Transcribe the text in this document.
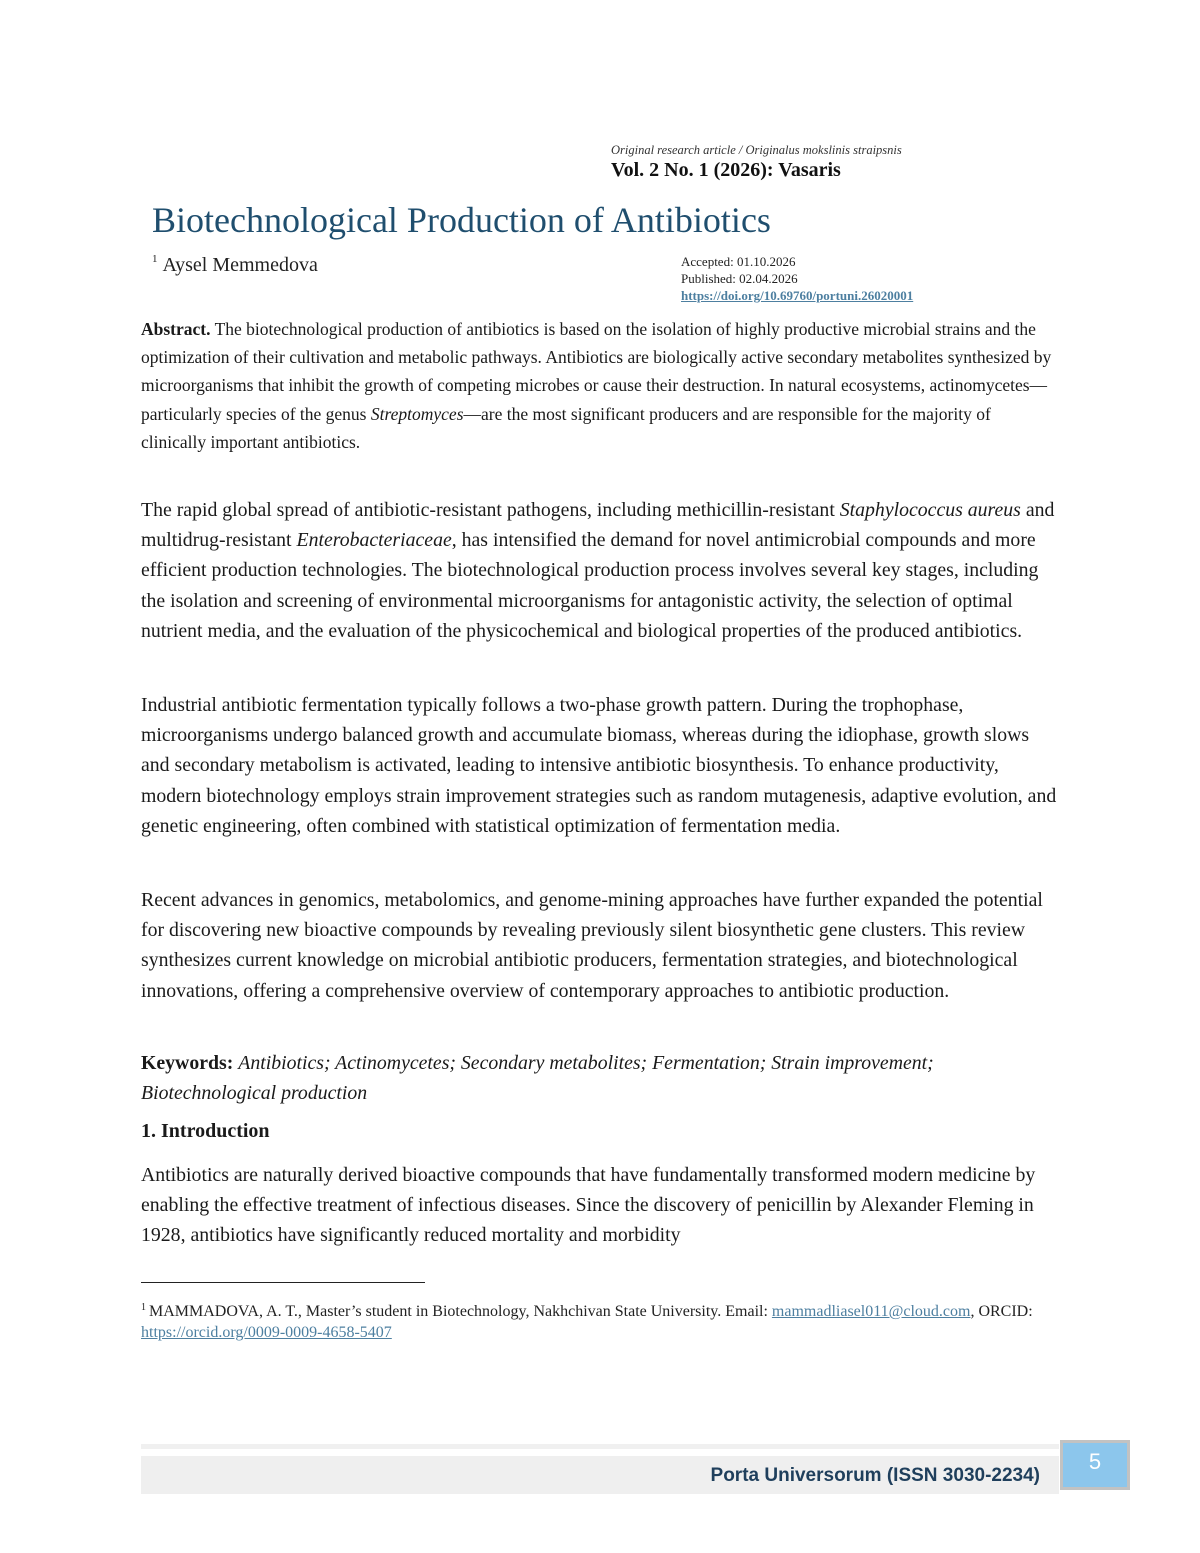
Original research article / Originalus mokslinis straipsnis
Vol. 2 No. 1 (2026): Vasaris
Biotechnological Production of Antibiotics
$^1$ Aysel Memmedova	Accepted: 01.10.2026
Published: 02.04.2026
https://doi.org/10.69760/portuni.26020001

Abstract. The biotechnological production of antibiotics is based on the isolation of highly productive microbial strains and the optimization of their cultivation and metabolic pathways. Antibiotics are biologically active secondary metabolites synthesized by microorganisms that inhibit the growth of competing microbes or cause their destruction. In natural ecosystems, actinomycetes—particularly species of the genus Streptomyces—are the most significant producers and are responsible for the majority of clinically important antibiotics.

The rapid global spread of antibiotic-resistant pathogens, including methicillin-resistant Staphylococcus aureus and multidrug-resistant Enterobacteriaceae, has intensified the demand for novel antimicrobial compounds and more efficient production technologies. The biotechnological production process involves several key stages, including the isolation and screening of environmental microorganisms for antagonistic activity, the selection of optimal nutrient media, and the evaluation of the physicochemical and biological properties of the produced antibiotics.

Industrial antibiotic fermentation typically follows a two-phase growth pattern. During the trophophase, microorganisms undergo balanced growth and accumulate biomass, whereas during the idiophase, growth slows and secondary metabolism is activated, leading to intensive antibiotic biosynthesis. To enhance productivity, modern biotechnology employs strain improvement strategies such as random mutagenesis, adaptive evolution, and genetic engineering, often combined with statistical optimization of fermentation media.

Recent advances in genomics, metabolomics, and genome-mining approaches have further expanded the potential for discovering new bioactive compounds by revealing previously silent biosynthetic gene clusters. This review synthesizes current knowledge on microbial antibiotic producers, fermentation strategies, and biotechnological innovations, offering a comprehensive overview of contemporary approaches to antibiotic production.

Keywords: Antibiotics; Actinomycetes; Secondary metabolites; Fermentation; Strain improvement; Biotechnological production
1. Introduction

Antibiotics are naturally derived bioactive compounds that have fundamentally transformed modern medicine by enabling the effective treatment of infectious diseases. Since the discovery of penicillin by Alexander Fleming in 1928, antibiotics have significantly reduced mortality and morbidity

$^1$ MAMMADOVA, A. T., Master’s student in Biotechnology, Nakhchivan State University. Email: mammadliasel011@cloud.com, ORCID: https://orcid.org/0009-0009-4658-5407
Porta Universorum (ISSN 3030-2234)
5
